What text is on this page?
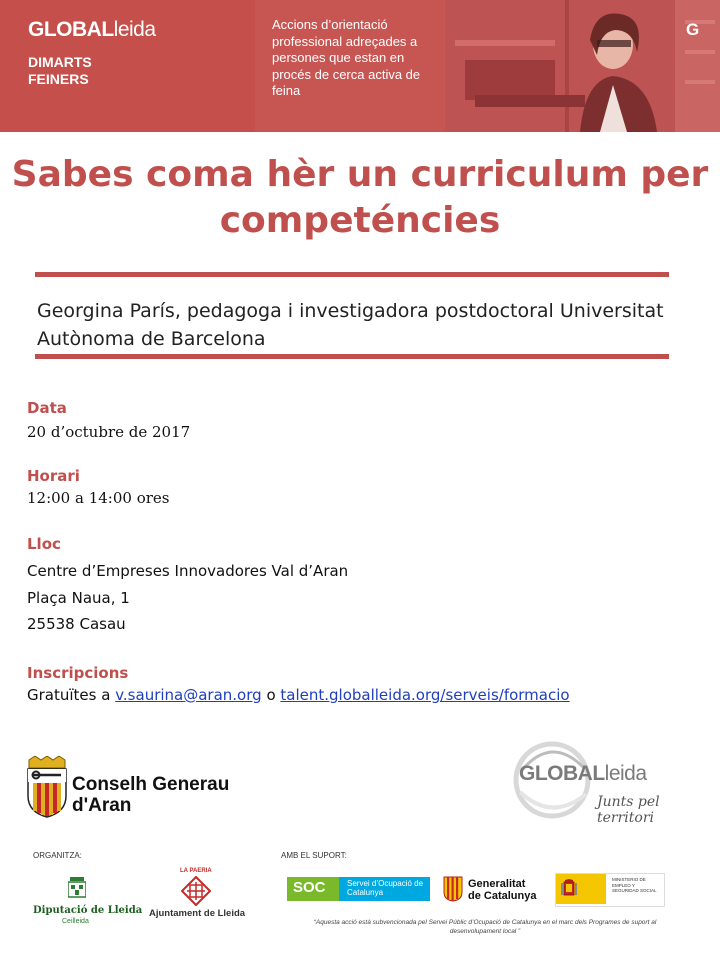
GLOBALleida
DIMARTS
FEINERS
Accions d’orientació professional adreçades a persones que estan en procés de cerca activa de feina
G
Sabes coma hèr un curriculum per
competéncies
Georgina París, pedagoga i investigadora postdoctoral Universitat Autònoma de Barcelona
Data
20 d’octubre de 2017
Horari
12:00 a 14:00 ores
Lloc
Centre d’Empreses Innovadores Val d’Aran
Plaça Naua, 1
25538 Casau
Inscripcions
Gratuïtes a v.saurina@aran.org o talent.globalleida.org/serveis/formacio
Conselh Generau
d'Aran
GLOBALleida
Junts pel territori
ORGANITZA:	AMB EL SUPORT:
Diputació de Lleida
Ceilleida
LA PAERIA
Ajuntament de Lleida
SOC	Servei d’Ocupació de Catalunya
Generalitat
de Catalunya
MINISTERIO DE EMPLEO Y SEGURIDAD SOCIAL
“Aquesta acció està subvencionada pel Servei Públic d’Ocupació de Catalunya en el marc dels Programes de suport al desenvolupament local ”
